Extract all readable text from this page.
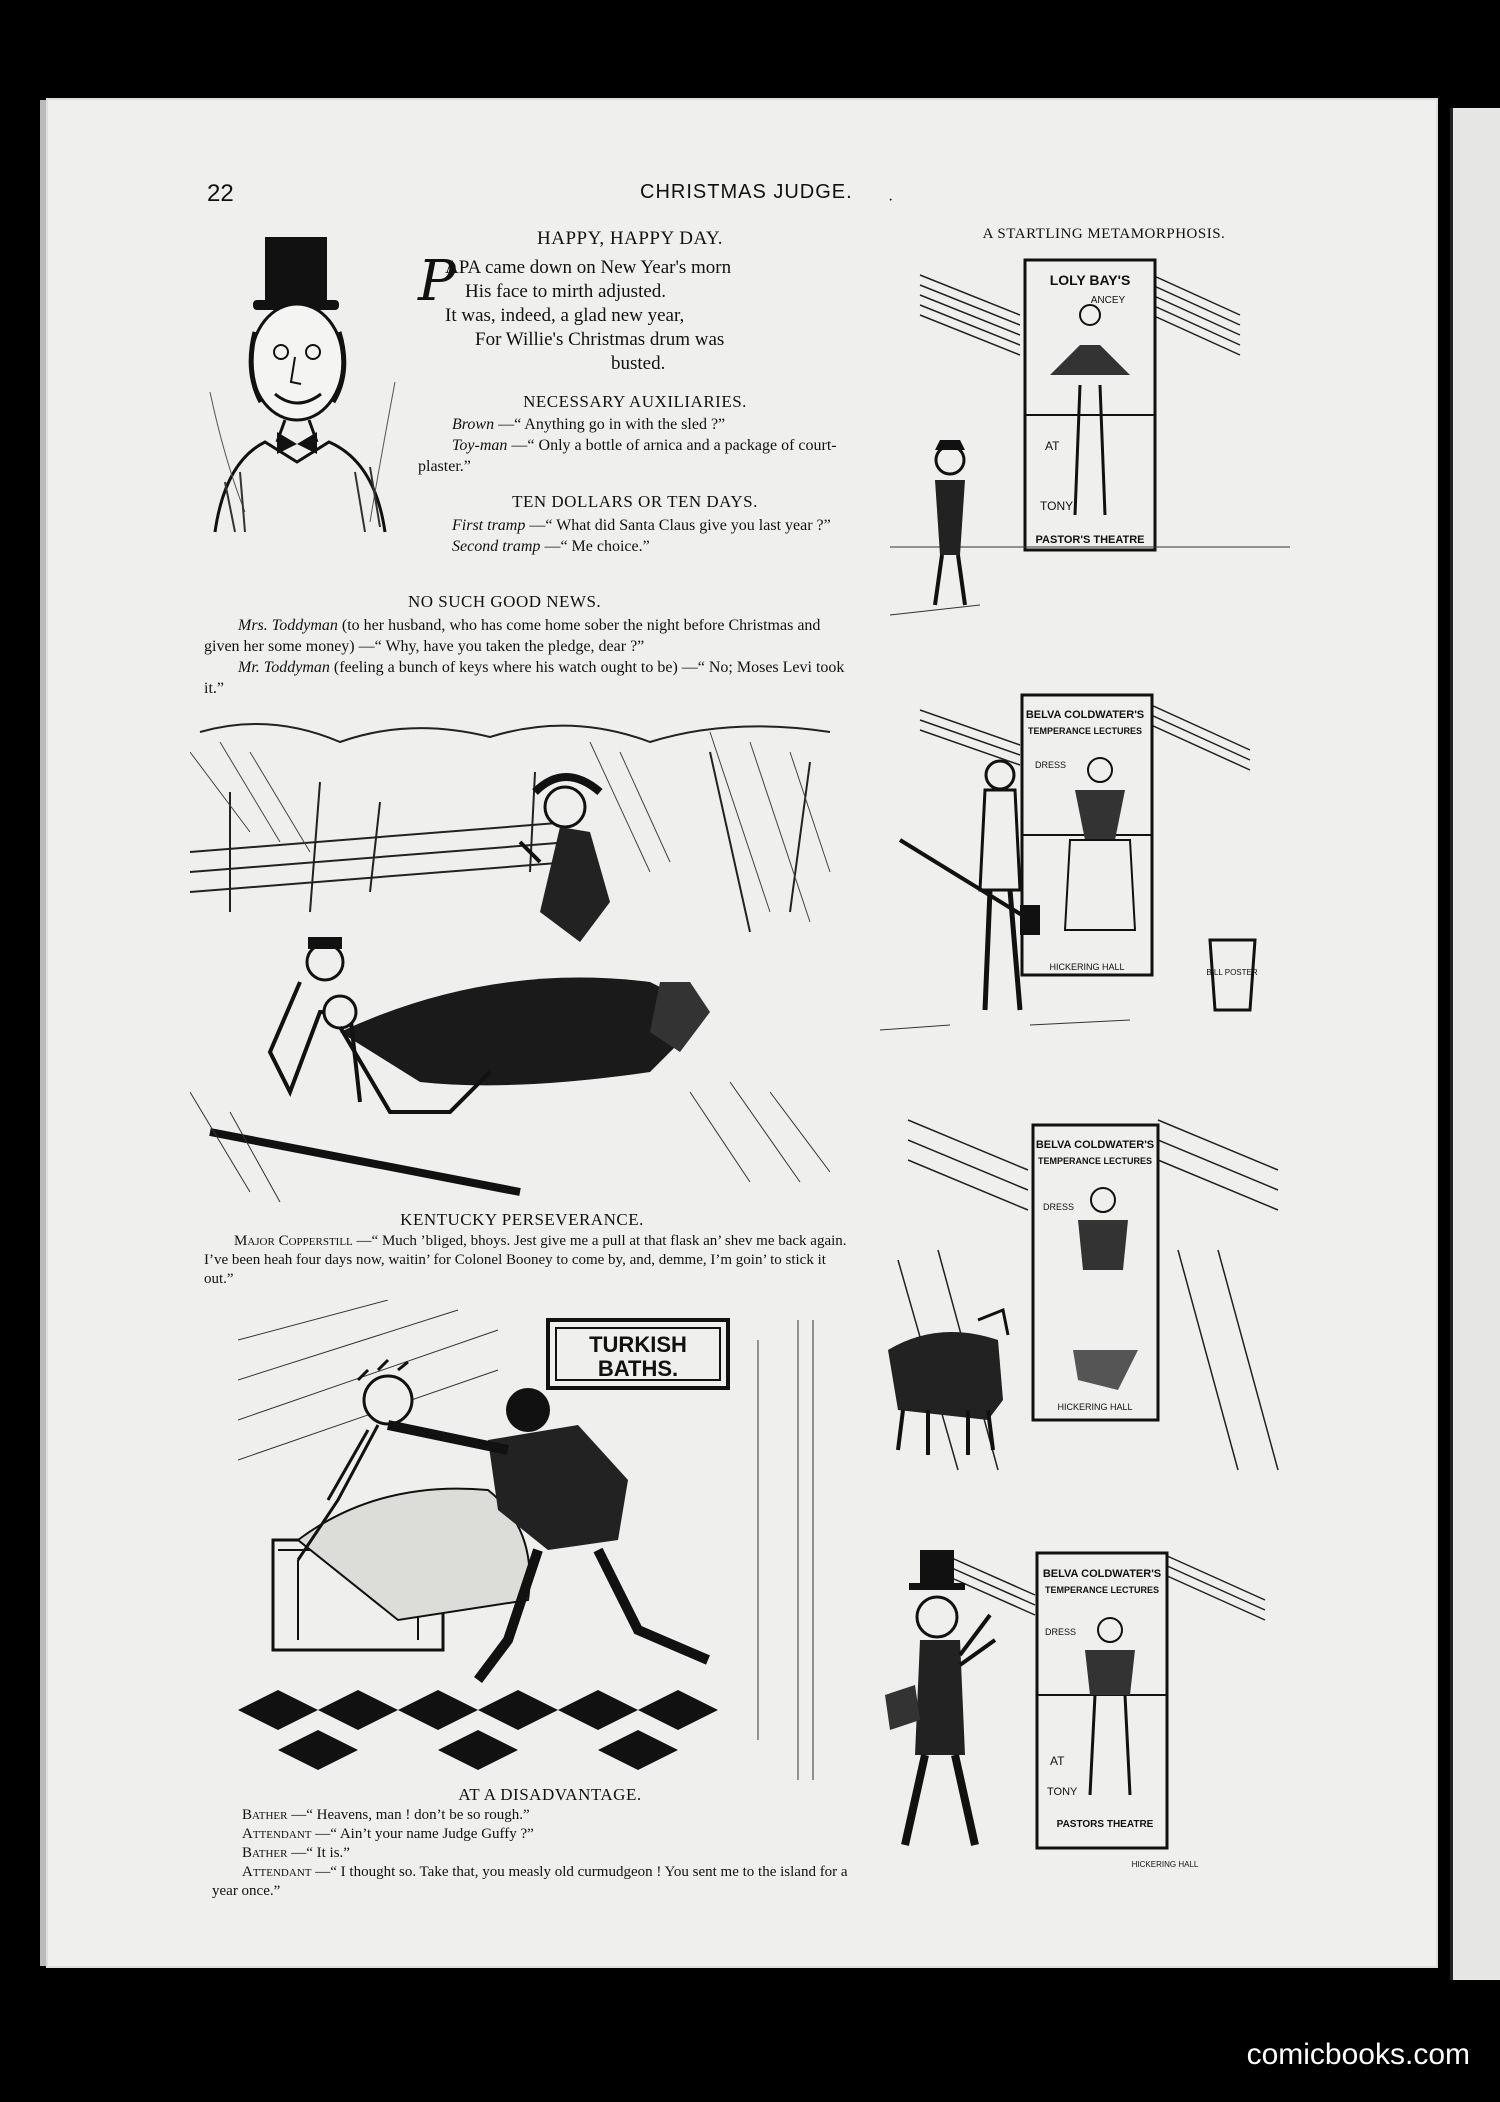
22	CHRISTMAS JUDGE. ·
HAPPY, HAPPY DAY.
P
APA came down on New Year's morn
His face to mirth adjusted.
It was, indeed, a glad new year,
For Willie's Christmas drum was
busted.
NECESSARY AUXILIARIES.
Brown —“ Anything go in with the sled ?”
Toy-man —“ Only a bottle of arnica and a package of court-plaster.”
TEN DOLLARS OR TEN DAYS.
First tramp —“ What did Santa Claus give you last year ?”
Second tramp —“ Me choice.”
NO SUCH GOOD NEWS.
Mrs. Toddyman (to her husband, who has come home sober the night before Christmas and given her some money) —“ Why, have you taken the pledge, dear ?”
Mr. Toddyman (feeling a bunch of keys where his watch ought to be) —“ No; Moses Levi took it.”
KENTUCKY PERSEVERANCE.
Major Copperstill —“ Much ’bliged, bhoys. Jest give me a pull at that flask an’ shev me back again. I’ve been heah four days now, waitin’ for Colonel Booney to come by, and, demme, I’m goin’ to stick it out.”
TURKISH
BATHS.
AT A DISADVANTAGE.
Bather —“ Heavens, man ! don’t be so rough.”
Attendant —“ Ain’t your name Judge Guffy ?”
Bather —“ It is.”
Attendant —“ I thought so. Take that, you measly old curmudgeon ! You sent me to the island for a year once.”
A STARTLING METAMORPHOSIS.
LOLY BAY'S
ANCEY
AT
TONY
PASTOR'S THEATRE
BELVA COLDWATER'S
TEMPERANCE LECTURES
DRESS
HICKERING HALL
BILL POSTER
BELVA COLDWATER'S
TEMPERANCE LECTURES
DRESS
HICKERING HALL
BELVA COLDWATER'S
TEMPERANCE LECTURES
DRESS
AT
TONY
PASTORS THEATRE
HICKERING HALL
comicbooks.com
